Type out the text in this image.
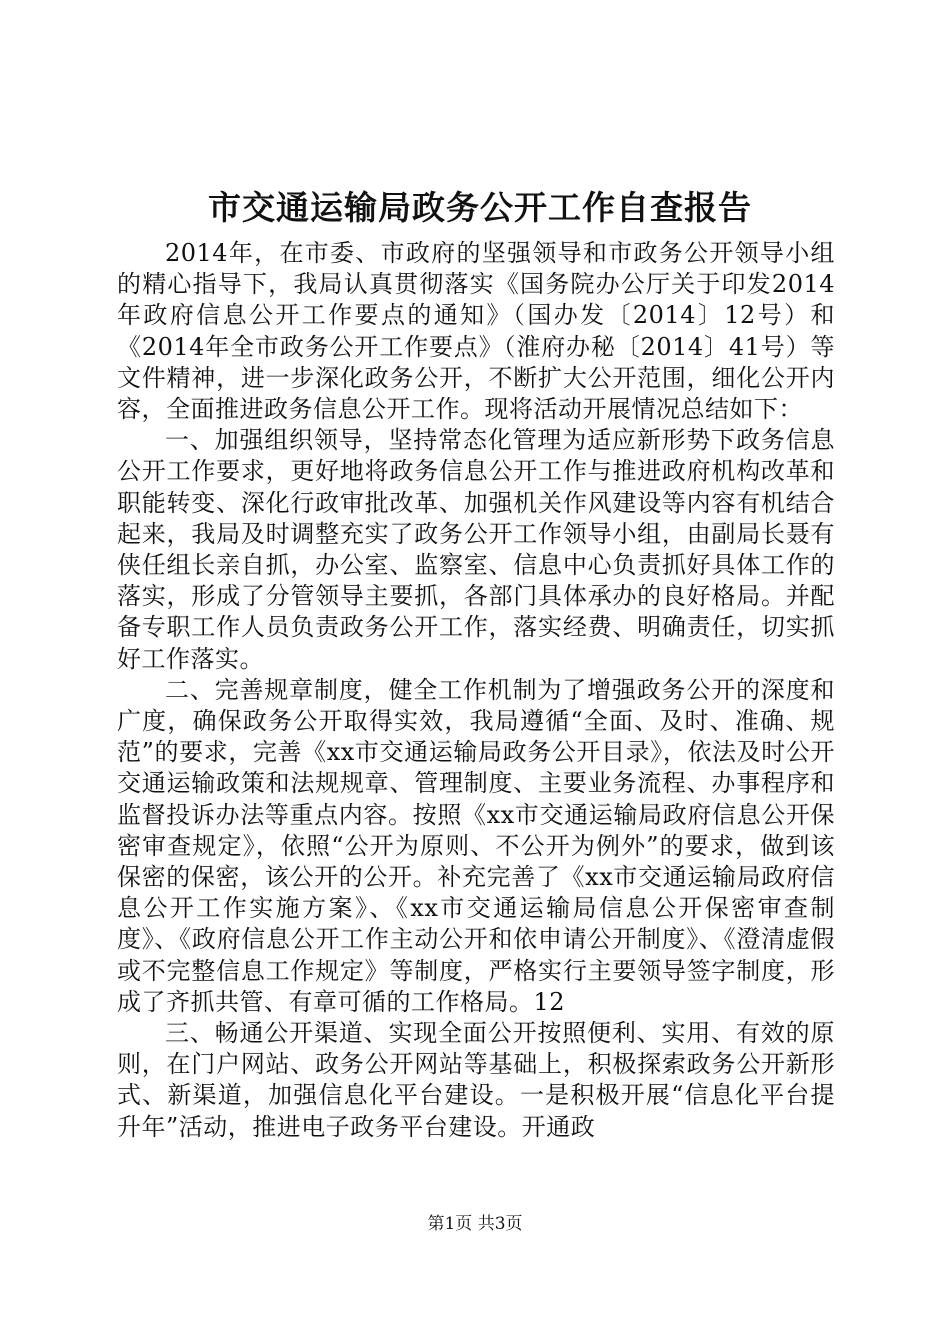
市交通运输局政务公开工作自查报告

2014年，在市委、市政府的坚强领导和市政务公开领导小组的精心指导下，我局认真贯彻落实《国务院办公厅关于印发2014年政府信息公开工作要点的通知》（国办发〔2014〕12号）和《2014年全市政务公开工作要点》（淮府办秘〔2014〕41号）等文件精神，进一步深化政务公开，不断扩大公开范围，细化公开内容，全面推进政务信息公开工作。现将活动开展情况总结如下：

一、加强组织领导，坚持常态化管理为适应新形势下政务信息公开工作要求，更好地将政务信息公开工作与推进政府机构改革和职能转变、深化行政审批改革、加强机关作风建设等内容有机结合起来，我局及时调整充实了政务公开工作领导小组，由副局长聂有侠任组长亲自抓，办公室、监察室、信息中心负责抓好具体工作的落实，形成了分管领导主要抓，各部门具体承办的良好格局。并配备专职工作人员负责政务公开工作，落实经费、明确责任，切实抓好工作落实。

二、完善规章制度，健全工作机制为了增强政务公开的深度和广度，确保政务公开取得实效，我局遵循“全面、及时、准确、规范”的要求，完善《xx市交通运输局政务公开目录》，依法及时公开交通运输政策和法规规章、管理制度、主要业务流程、办事程序和监督投诉办法等重点内容。按照《xx市交通运输局政府信息公开保密审查规定》，依照“公开为原则、不公开为例外”的要求，做到该保密的保密，该公开的公开。补充完善了《xx市交通运输局政府信息公开工作实施方案》、《xx市交通运输局信息公开保密审查制度》、《政府信息公开工作主动公开和依申请公开制度》、《澄清虚假或不完整信息工作规定》等制度，严格实行主要领导签字制度，形成了齐抓共管、有章可循的工作格局。12

三、畅通公开渠道、实现全面公开按照便利、实用、有效的原则，在门户网站、政务公开网站等基础上，积极探索政务公开新形式、新渠道，加强信息化平台建设。一是积极开展“信息化平台提升年”活动，推进电子政务平台建设。开通政

第1页 共3页
